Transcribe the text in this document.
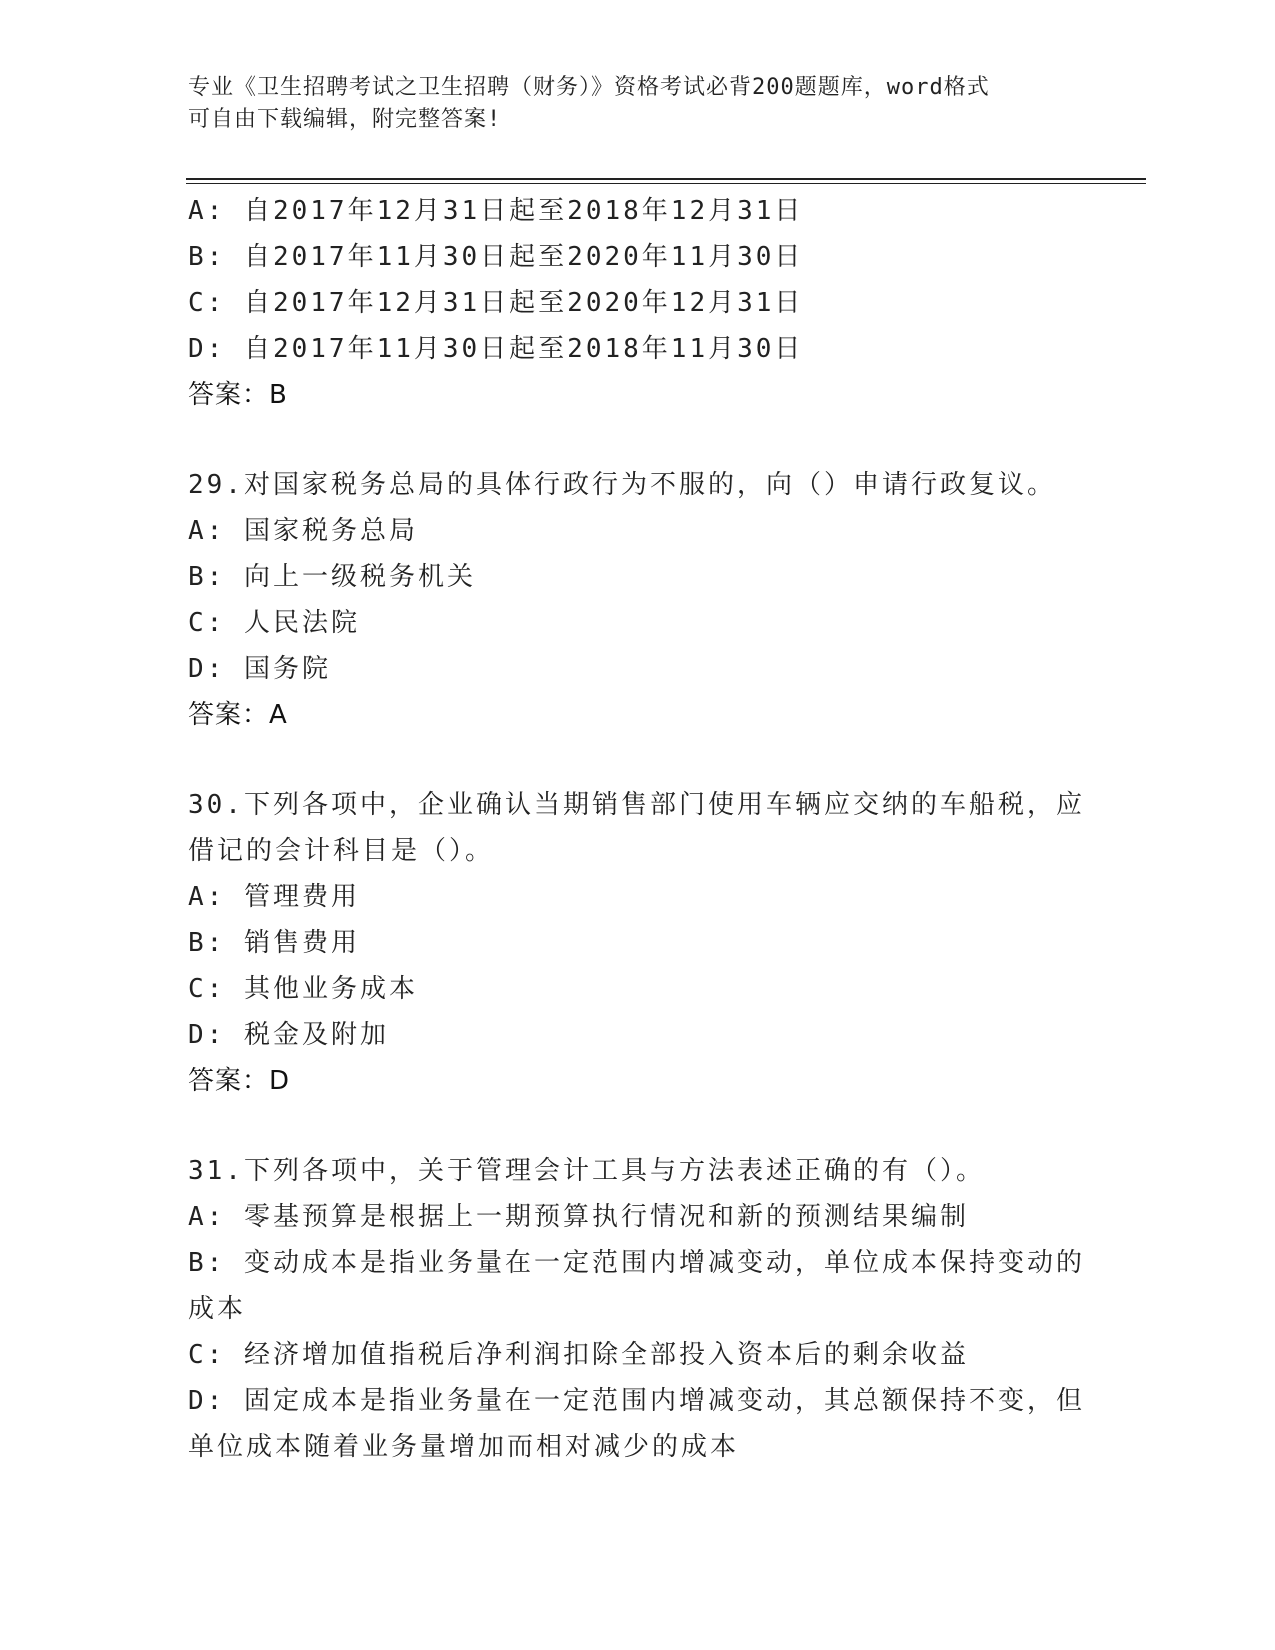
专业《卫生招聘考试之卫生招聘（财务）》资格考试必背200题题库，word格式
可自由下载编辑，附完整答案!
A: 自2017年12月31日起至2018年12月31日
B: 自2017年11月30日起至2020年11月30日
C: 自2017年12月31日起至2020年12月31日
D: 自2017年11月30日起至2018年11月30日
答案：B
29.对国家税务总局的具体行政行为不服的，向（）申请行政复议。
A: 国家税务总局
B: 向上一级税务机关
C: 人民法院
D: 国务院
答案：A
30.下列各项中，企业确认当期销售部门使用车辆应交纳的车船税，应
借记的会计科目是（）。
A: 管理费用
B: 销售费用
C: 其他业务成本
D: 税金及附加
答案：D
31.下列各项中，关于管理会计工具与方法表述正确的有（）。
A: 零基预算是根据上一期预算执行情况和新的预测结果编制
B: 变动成本是指业务量在一定范围内增减变动，单位成本保持变动的
成本
C: 经济增加值指税后净利润扣除全部投入资本后的剩余收益
D: 固定成本是指业务量在一定范围内增减变动，其总额保持不变，但
单位成本随着业务量增加而相对减少的成本
